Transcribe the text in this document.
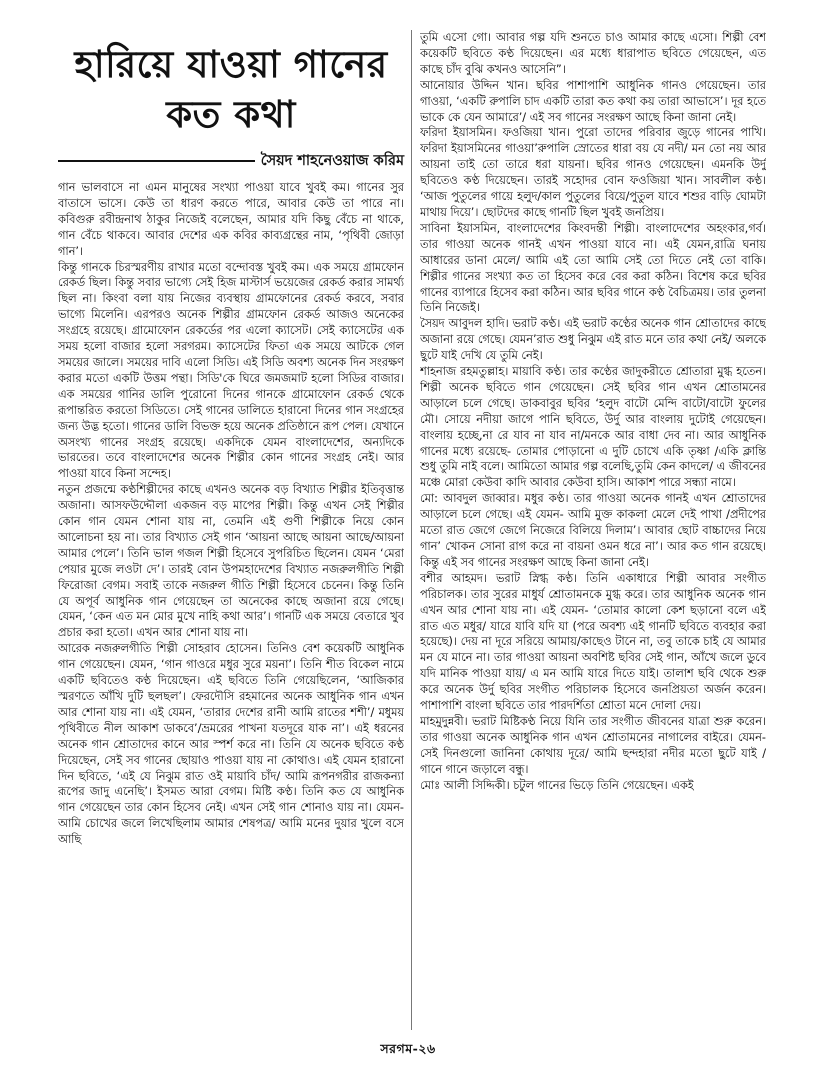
হারিয়ে যাওয়া গানের
কত কথা
সৈয়দ শাহনেওয়াজ করিম

গান ভালবাসে না এমন মানুষের সংখ্যা পাওয়া যাবে খুবই কম। গানের সুর বাতাসে ভাসে। কেউ তা ধারণ করতে পারে, আবার কেউ তা পারে না। কবিগুরু রবীন্দ্রনাথ ঠাকুর নিজেই বলেছেন, আমার যদি কিছু বেঁচে না থাকে, গান বেঁচে থাকবে। আবার দেশের এক কবির কাব্যগ্রন্থের নাম, ‘পৃথিবী জোড়া গান’।

কিন্তু গানকে চিরস্মরণীয় রাখার মতো বন্দোবস্ত খুবই কম। এক সময়ে গ্রামফোন রেকর্ড ছিল। কিন্তু সবার ভাগ্যে সেই হিজ মাস্টার্স ভয়েজের রেকর্ড করার সামর্থ্য ছিল না। কিংবা বলা যায় নিজের ব্যবস্থায় গ্রামফোনের রেকর্ড করবে, সবার ভাগ্যে মিলেনি। এরপরও অনেক শিল্পীর গ্রামফোন রেকর্ড আজও অনেকের সংগ্রহে রয়েছে। গ্রামোফোন রেকর্ডের পর এলো ক্যাসেট। সেই ক্যাসেটের এক সময় হলো বাজার হলো সরগরম। ক্যাসেটের ফিতা এক সময়ে আটকে গেল সময়ের জালে। সময়ের দাবি এলো সিডি। এই সিডি অবশ্য অনেক দিন সংরক্ষণ করার মতো একটি উত্তম পন্থা। সিডি'কে ঘিরে জমজমাট হলো সিডির বাজার। এক সময়ের গানির ডালি পুরোনো দিনের গানকে গ্রামোফোন রেকর্ড থেকে রূপান্তরিত করতো সিডিতে। সেই গানের ডালিতে হারানো দিনের গান সংগ্রহের জন্য উদ্ভ হতো। গানের ডালি বিভক্ত হয়ে অনেক প্রতিষ্ঠানে রূপ পেল। যেখানে অসংখ্য গানের সংগ্রহ রয়েছে। একদিকে যেমন বাংলাদেশের, অন্যদিকে ভারতের। তবে বাংলাদেশের অনেক শিল্পীর কোন গানের সংগ্রহ নেই। আর পাওয়া যাবে কিনা সন্দেহ।

নতুন প্রজন্মে কণ্ঠশিল্পীদের কাছে এখনও অনেক বড় বিখ্যাত শিল্পীর ইতিবৃত্তান্ত অজানা। আসফউদ্দৌলা একজন বড় মাপের শিল্পী। কিন্তু এখন সেই শিল্পীর কোন গান যেমন শোনা যায় না, তেমনি এই গুণী শিল্পীকে নিয়ে কোন আলোচনা হয় না। তার বিখ্যাত সেই গান ‘আয়না আছে আয়না আছে/আয়না আমার পেলে’। তিনি ভাল গজল শিল্পী হিসেবে সুপরিচিত ছিলেন। যেমন ‘মেরা পেয়ার মুজে লওটা দে’। তারই বোন উপমহাদেশের বিখ্যাত নজরুলগীতি শিল্পী ফিরোজা বেগম। সবাই তাকে নজরুল গীতি শিল্পী হিসেবে চেনেন। কিন্তু তিনি যে অপূর্ব আধুনিক গান গেয়েছেন তা অনেকের কাছে অজানা রয়ে গেছে। যেমন, ‘কেন এত মন মোর মুখে নাহি কথা আর’। গানটি এক সময়ে বেতারে খুব প্রচার করা হতো। এখন আর শোনা যায় না।

আরেক নজরুলগীতি শিল্পী সোহরাব হোসেন। তিনিও বেশ কয়েকটি আধুনিক গান গেয়েছেন। যেমন, ‘গান গাওরে মধুর সুরে ময়না’। তিনি শীত বিকেল নামে একটি ছবিতেও কণ্ঠ দিয়েছেন। এই ছবিতে তিনি গেয়েছিলেন, ‘আজিকার স্মরণতে আঁখি দুটি ছলছল’। ফেরদৌসি রহমানের অনেক আধুনিক গান এখন আর শোনা যায় না। এই যেমন, ‘তারার দেশের রানী আমি রাতের শশী’/ মধুময় পৃথিবীতে নীল আকাশ ডাকবে’/ভ্রমরের পাখনা যতদূরে যাক না’। এই ধরনের অনেক গান শ্রোতাদের কানে আর স্পর্শ করে না। তিনি যে অনেক ছবিতে কণ্ঠ দিয়েছেন, সেই সব গানের ছোয়াও পাওয়া যায় না কোথাও। এই যেমন হারানো দিন ছবিতে, ‘এই যে নিঝুম রাত ওই মায়াবি চাঁদ/ আমি রূপনগরীর রাজকন্যা রূপের জাদু এনেছি’। ইসমত আরা বেগম। মিষ্টি কণ্ঠ। তিনি কত যে আধুনিক গান গেয়েছেন তার কোন হিসেব নেই। এখন সেই গান শোনাও যায় না। যেমন- আমি চোখের জলে লিখেছিলাম আমার শেষপত্র/ আমি মনের দুয়ার খুলে বসে আছি

তুমি এসো গো। আবার গল্প যদি শুনতে চাও আমার কাছে এসো। শিল্পী বেশ কয়েকটি ছবিতে কণ্ঠ দিয়েছেন। এর মধ্যে ধারাপাত ছবিতে গেয়েছেন, এত কাছে চাঁদ বুঝি কখনও আসেনি”।

আনোয়ার উদ্দিন খান। ছবির পাশাপাশি আধুনিক গানও গেয়েছেন। তার গাওয়া, ‘একটি রুপালি চাদ একটি তারা কত কথা কয় তারা আভাসে’। দূর হতে ভাকে কে যেন আমারে’/ এই সব গানের সংরক্ষণ আছে কিনা জানা নেই।

ফরিদা ইয়াসমিন। ফওজিয়া খান। পুরো তাদের পরিবার জুড়ে গানের পাখি। ফরিদা ইয়াসমিনের গাওয়া’রুপালি স্রোতের ধারা বয় যে নদী/ মন তো নয় আর আয়না তাই তো তারে ধরা যায়না। ছবির গানও গেয়েছেন। এমনকি উর্দু ছবিতেও কণ্ঠ দিয়েছেন। তারই সহোদর বোন ফওজিয়া খান। সাবলীল কণ্ঠ। ‘আজ পুতুলের গায়ে হলুদ/কাল পুতুলের বিয়ে/পুতুল যাবে শশুর বাড়ি ঘোমটা মাথায় দিয়ে’। ছোটদের কাছে গানটি ছিল খুবই জনপ্রিয়।

সাবিনা ইয়াসমিন, বাংলাদেশের কিংবদন্তী শিল্পী। বাংলাদেশের অহংকার,গর্ব। তার গাওয়া অনেক গানই এখন পাওয়া যাবে না। এই যেমন,রাত্রি ঘনায় আধারের ডানা মেলে/ আমি এই তো আমি সেই তো দিতে নেই তো বাকি। শিল্পীর গানের সংখ্যা কত তা হিসেব করে বের করা কঠিন। বিশেষ করে ছবির গানের ব্যাপারে হিসেব করা কঠিন। আর ছবির গানে কণ্ঠ বৈচিত্রময়। তার তুলনা তিনি নিজেই।

সৈয়দ আবুদল হাদি। ভরাট কণ্ঠ। এই ভরাট কণ্ঠের অনেক গান শ্রোতাদের কাছে অজানা রয়ে গেছে। যেমন’রাত শুধু নিঝুম এই রাত মনে তার কথা নেই/ অলকে ছুটে যাই দেখি যে তুমি নেই।

শাহনাজ রহমতুল্লাহ। মায়াবি কণ্ঠ। তার কণ্ঠের জাদুকরীতে শ্রোতারা মুগ্ধ হতেন। শিল্পী অনেক ছবিতে গান গেয়েছেন। সেই ছবির গান এখন শ্রোতামনের আড়ালে চলে গেছে। ডাকবাবুর ছবির ‘হলুদ বাটো মেন্দি বাটো/বাটো ফুলের মৌ। সোয়ে নদীয়া জাগে পানি ছবিতে, উর্দু আর বাংলায় দুটোই গেয়েছেন। বাংলায় হচ্ছে,না রে যাব না যাব না/মনকে আর বাধা দেব না। আর আধুনিক গানের মধ্যে রয়েছে- তোমার পোড়ানো এ দুটি চোখে একি তৃষ্ণা /একি ক্লান্তি শুধু তুমি নাই বলে। আমিতো আমার গল্প বলেছি,তুমি কেন কাদলে/ এ জীবনের মঞ্চে মোরা কেউবা কাদি আবার কেউবা হাসি। আকাশ পারে সন্ধ্যা নামে।

মো: আবদুল জাব্বার। মধুর কণ্ঠ। তার গাওয়া অনেক গানই এখন শ্রোতাদের আড়ালে চলে গেছে। এই যেমন- আমি মুক্ত কাকলা মেলে দেই পাখা /প্রদীপের মতো রাত জেগে জেগে নিজেরে বিলিয়ে দিলাম’। আবার ছোট বাচ্চাদের নিয়ে গান’ খোকন সোনা রাগ করে না বায়না ওমন ধরে না’। আর কত গান রয়েছে। কিন্তু এই সব গানের সংরক্ষণ আছে কিনা জানা নেই।

বশীর আহমদ। ভরাট স্নিগ্ধ কণ্ঠ। তিনি একাধারে শিল্পী আবার সংগীত পরিচালক। তার সুরের মাধুর্য শ্রোতামনকে মুগ্ধ করে। তার আধুনিক অনেক গান এখন আর শোনা যায় না। এই যেমন- ‘তোমার কালো কেশ ছড়ানো বলে এই রাত এত মধুর/ যারে যাবি যদি যা (পরে অবশ্য এই গানটি ছবিতে ব্যবহার করা হয়েছে)। দেয় না দূরে সরিয়ে আমায়/কাছেও টানে না, তবু তাকে চাই যে আমার মন যে মানে না। তার গাওয়া আয়না অবশিষ্ট ছবির সেই গান, আঁখে জলে ডুবে যদি মানিক পাওয়া যায়/ এ মন আমি যারে দিতে যাই। তালাশ ছবি থেকে শুরু করে অনেক উর্দু ছবির সংগীত পরিচালক হিসেবে জনপ্রিয়তা অর্জন করেন। পাশাপাশি বাংলা ছবিতে তার পারদর্শিতা শ্রোতা মনে দোলা দেয়।

মাহমুদুন্নবী। ভরাট মিষ্টিকণ্ঠ নিয়ে যিনি তার সংগীত জীবনের যাত্রা শুরু করেন। তার গাওয়া অনেক আধুনিক গান এখন শ্রোতামনের নাগালের বাইরে। যেমন- সেই দিনগুলো জানিনা কোথায় দূরে/ আমি ছন্দহারা নদীর মতো ছুটে যাই / গানে গানে জড়ালে বন্ধু।

মোঃ আলী সিদ্দিকী। চটুল গানের ভিড়ে তিনি গেয়েছেন। একই

সরগম-২৬
